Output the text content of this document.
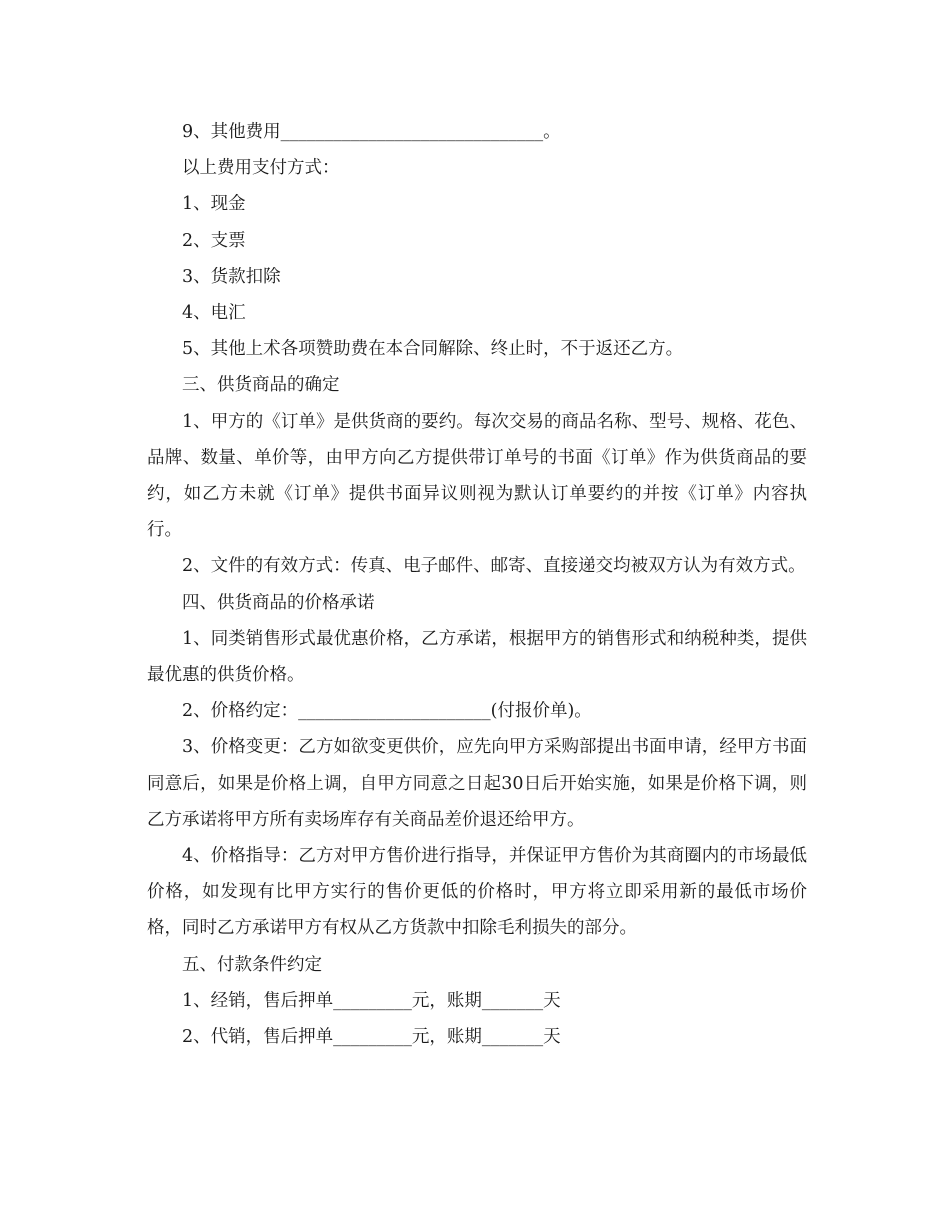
9、其他费用______________________________。

以上费用支付方式：

1、现金

2、支票

3、货款扣除

4、电汇

5、其他上术各项赞助费在本合同解除、终止时，不于返还乙方。

三、供货商品的确定

1、甲方的《订单》是供货商的要约。每次交易的商品名称、型号、规格、花色、品牌、数量、单价等，由甲方向乙方提供带订单号的书面《订单》作为供货商品的要约，如乙方未就《订单》提供书面异议则视为默认订单要约的并按《订单》内容执行。

2、文件的有效方式：传真、电子邮件、邮寄、直接递交均被双方认为有效方式。

四、供货商品的价格承诺

1、同类销售形式最优惠价格，乙方承诺，根据甲方的销售形式和纳税种类，提供最优惠的供货价格。

2、价格约定：______________________(付报价单)。

3、价格变更：乙方如欲变更供价，应先向甲方采购部提出书面申请，经甲方书面同意后，如果是价格上调，自甲方同意之日起30日后开始实施，如果是价格下调，则乙方承诺将甲方所有卖场库存有关商品差价退还给甲方。

4、价格指导：乙方对甲方售价进行指导，并保证甲方售价为其商圈内的市场最低价格，如发现有比甲方实行的售价更低的价格时，甲方将立即采用新的最低市场价格，同时乙方承诺甲方有权从乙方货款中扣除毛利损失的部分。

五、付款条件约定

1、经销，售后押单_________元，账期_______天

2、代销，售后押单_________元，账期_______天
